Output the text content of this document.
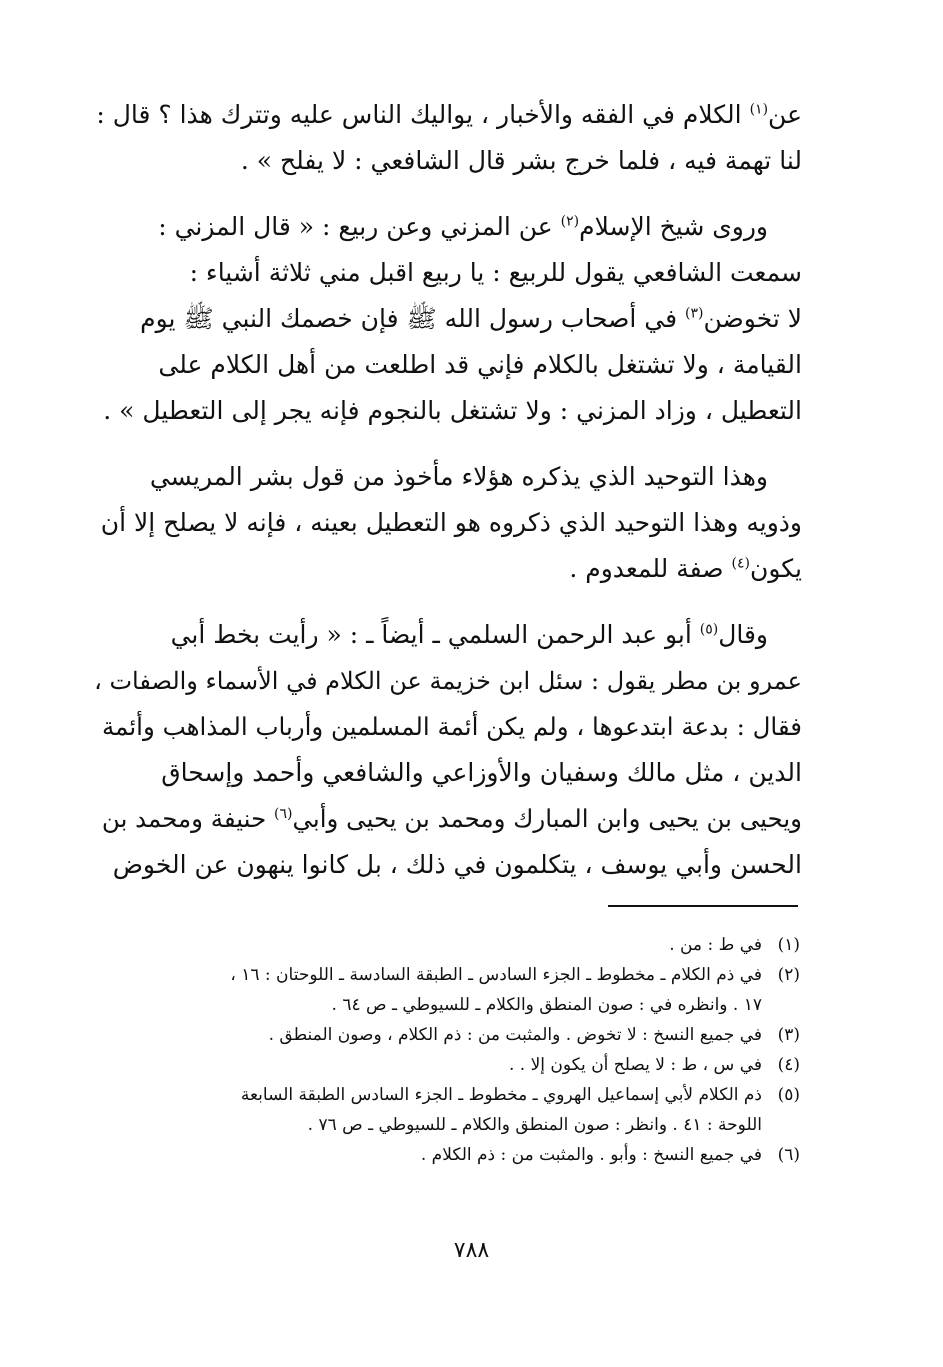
عن$^{(١)}$ الكلام في الفقه والأخبار ، يواليك الناس عليه وتترك هذا ؟ قال :
لنا تهمة فيه ، فلما خرج بشر قال الشافعي : لا يفلح » .

وروى شيخ الإسلام$^{(٢)}$ عن المزني وعن ربيع : « قال المزني :
سمعت الشافعي يقول للربيع : يا ربيع اقبل مني ثلاثة أشياء :
لا تخوضن$^{(٣)}$ في أصحاب رسول الله ﷺ فإن خصمك النبي ﷺ يوم
القيامة ، ولا تشتغل بالكلام فإني قد اطلعت من أهل الكلام على
التعطيل ، وزاد المزني : ولا تشتغل بالنجوم فإنه يجر إلى التعطيل » .

وهذا التوحيد الذي يذكره هؤلاء مأخوذ من قول بشر المريسي
وذويه وهذا التوحيد الذي ذكروه هو التعطيل بعينه ، فإنه لا يصلح إلا أن
يكون$^{(٤)}$ صفة للمعدوم .

وقال$^{(٥)}$ أبو عبد الرحمن السلمي ـ أيضاً ـ : « رأيت بخط أبي
عمرو بن مطر يقول : سئل ابن خزيمة عن الكلام في الأسماء والصفات ،
فقال : بدعة ابتدعوها ، ولم يكن أئمة المسلمين وأرباب المذاهب وأئمة
الدين ، مثل مالك وسفيان والأوزاعي والشافعي وأحمد وإسحاق
ويحيى بن يحيى وابن المبارك ومحمد بن يحيى وأبي$^{(٦)}$ حنيفة ومحمد بن
الحسن وأبي يوسف ، يتكلمون في ذلك ، بل كانوا ينهون عن الخوض

(١)
في ط : من .
(٢)
في ذم الكلام ـ مخطوط ـ الجزء السادس ـ الطبقة السادسة ـ اللوحتان : ١٦ ،
١٧ . وانظره في : صون المنطق والكلام ـ للسيوطي ـ ص ٦٤ .
(٣)
في جميع النسخ : لا تخوض . والمثبت من : ذم الكلام ، وصون المنطق .
(٤)
في س ، ط : لا يصلح أن يكون إلا . .
(٥)
ذم الكلام لأبي إسماعيل الهروي ـ مخطوط ـ الجزء السادس الطبقة السابعة
اللوحة : ٤١ . وانظر : صون المنطق والكلام ـ للسيوطي ـ ص ٧٦ .
(٦)
في جميع النسخ : وأبو . والمثبت من : ذم الكلام .
٧٨٨
